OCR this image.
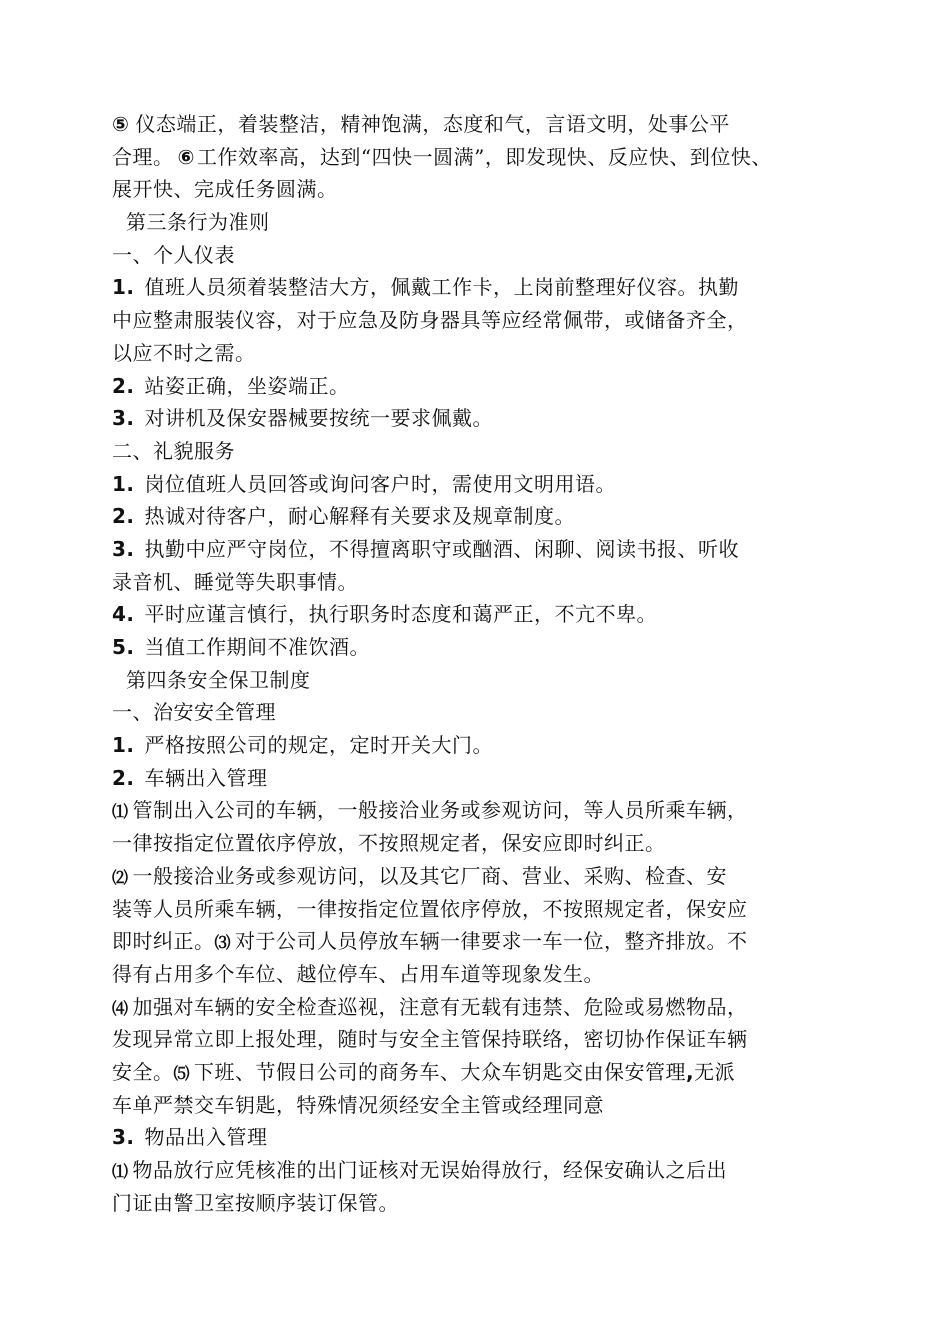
⑤ 仪态端正，着装整洁，精神饱满，态度和气，言语文明，处事公平
合理。 ⑥ 工作效率高，达到“四快一圆满”，即发现快、反应快、到位快、
展开快、完成任务圆满。
第三条行为准则
一、个人仪表
1. 值班人员须着装整洁大方，佩戴工作卡，上岗前整理好仪容。执勤
中应整肃服装仪容，对于应急及防身器具等应经常佩带，或储备齐全，
以应不时之需。
2. 站姿正确，坐姿端正。
3. 对讲机及保安器械要按统一要求佩戴。
二、礼貌服务
1. 岗位值班人员回答或询问客户时，需使用文明用语。
2. 热诚对待客户，耐心解释有关要求及规章制度。
3. 执勤中应严守岗位，不得擅离职守或酗酒、闲聊、阅读书报、听收
录音机、睡觉等失职事情。
4. 平时应谨言慎行，执行职务时态度和蔼严正，不亢不卑。
5. 当值工作期间不准饮酒。
第四条安全保卫制度
一、治安安全管理
1. 严格按照公司的规定，定时开关大门。
2. 车辆出入管理
⑴ 管制出入公司的车辆，一般接洽业务或参观访问，等人员所乘车辆，
一律按指定位置依序停放，不按照规定者，保安应即时纠正。
⑵ 一般接洽业务或参观访问，以及其它厂商、营业、采购、检查、安
装等人员所乘车辆，一律按指定位置依序停放，不按照规定者，保安应
即时纠正。⑶ 对于公司人员停放车辆一律要求一车一位，整齐排放。不
得有占用多个车位、越位停车、占用车道等现象发生。
⑷ 加强对车辆的安全检查巡视，注意有无载有违禁、危险或易燃物品，
发现异常立即上报处理，随时与安全主管保持联络，密切协作保证车辆
安全。⑸ 下班、节假日公司的商务车、大众车钥匙交由保安管理,无派
车单严禁交车钥匙，特殊情况须经安全主管或经理同意
3. 物品出入管理
⑴ 物品放行应凭核准的出门证核对无误始得放行，经保安确认之后出
门证由警卫室按顺序装订保管。
